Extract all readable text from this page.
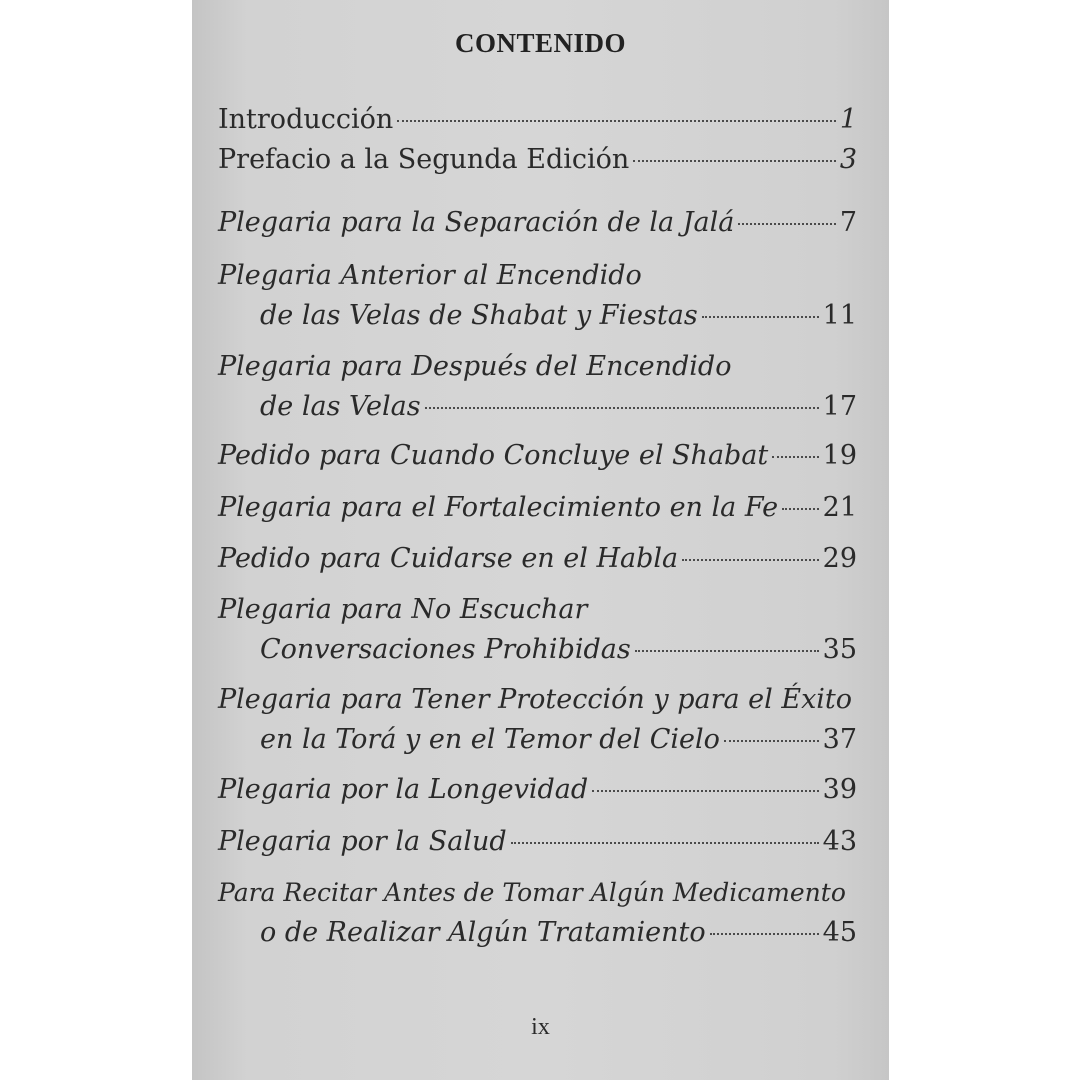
CONTENIDO
Introducción	1
Prefacio a la Segunda Edición	3
Plegaria para la Separación de la Jalá	7
Plegaria Anterior al Encendido
de las Velas de Shabat y Fiestas	11
Plegaria para Después del Encendido
de las Velas	17
Pedido para Cuando Concluye el Shabat 19
Plegaria para el Fortalecimiento en la Fe 21
Pedido para Cuidarse en el Habla	29
Plegaria para No Escuchar
Conversaciones Prohibidas	35
Plegaria para Tener Protección y para el Éxito
en la Torá y en el Temor del Cielo	37
Plegaria por la Longevidad	39
Plegaria por la Salud	43
Para Recitar Antes de Tomar Algún Medicamento
o de Realizar Algún Tratamiento	45
ix
